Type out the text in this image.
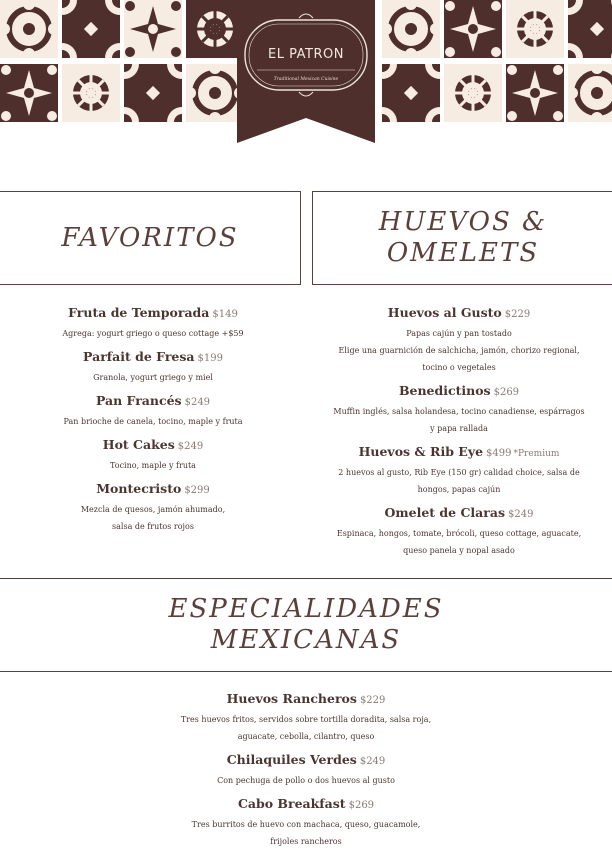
EL PATRON
Traditional Mexican Cuisine
FAVORITOS
HUEVOS &
OMELETS
ESPECIALIDADES
MEXICANAS
Fruta de Temporada $149
Agrega: yogurt griego o queso cottage +$59
Parfait de Fresa $199
Granola, yogurt griego y miel
Pan Francés $249
Pan brioche de canela, tocino, maple y fruta
Hot Cakes $249
Tocino, maple y fruta
Montecristo $299
Mezcla de quesos, jamón ahumado,
salsa de frutos rojos
Huevos al Gusto $229
Papas cajún y pan tostado
Elige una guarnición de salchicha, jamón, chorizo regional,
tocino o vegetales
Benedictinos $269
Muffin inglés, salsa holandesa, tocino canadiense, espárragos
y papa rallada
Huevos & Rib Eye $499 *Premium
2 huevos al gusto, Rib Eye (150 gr) calidad choice, salsa de
hongos, papas cajún
Omelet de Claras $249
Espinaca, hongos, tomate, brócoli, queso cottage, aguacate,
queso panela y nopal asado
Huevos Rancheros $229
Tres huevos fritos, servidos sobre tortilla doradita, salsa roja,
aguacate, cebolla, cilantro, queso
Chilaquiles Verdes $249
Con pechuga de pollo o dos huevos al gusto
Cabo Breakfast $269
Tres burritos de huevo con machaca, queso, guacamole,
frijoles rancheros
